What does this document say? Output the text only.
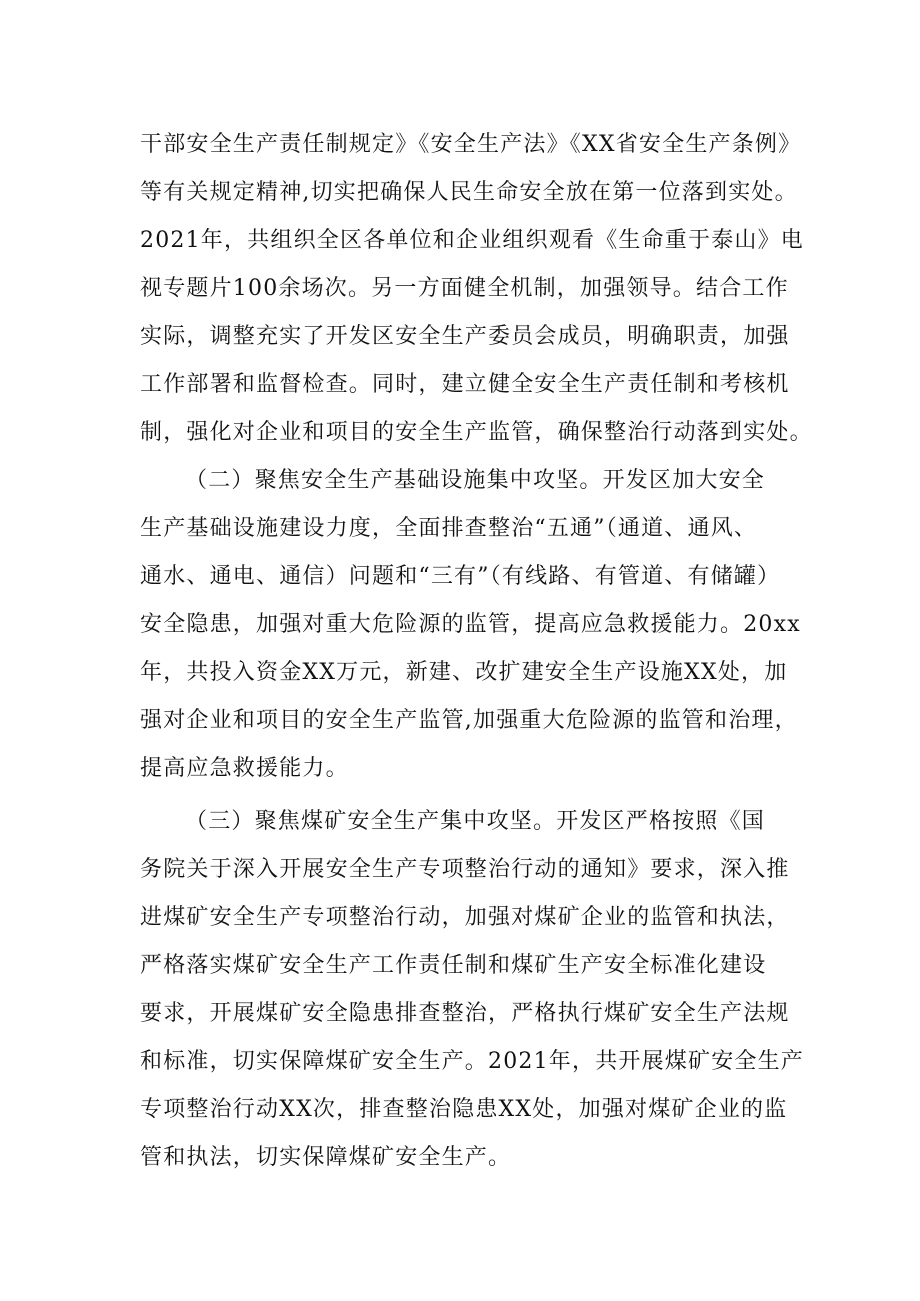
干部安全生产责任制规定》《安全生产法》《XX省安全生产条例》
等有关规定精神,切实把确保人民生命安全放在第一位落到实处。
2021年，共组织全区各单位和企业组织观看《生命重于泰山》电
视专题片100余场次。另一方面健全机制，加强领导。结合工作
实际，调整充实了开发区安全生产委员会成员，明确职责，加强
工作部署和监督检查。同时，建立健全安全生产责任制和考核机
制，强化对企业和项目的安全生产监管，确保整治行动落到实处。
（二）聚焦安全生产基础设施集中攻坚。开发区加大安全
生产基础设施建设力度，全面排查整治“五通”（通道、通风、
通水、通电、通信）问题和“三有”（有线路、有管道、有储罐）
安全隐患，加强对重大危险源的监管，提高应急救援能力。20xx
年，共投入资金XX万元，新建、改扩建安全生产设施XX处，加
强对企业和项目的安全生产监管,加强重大危险源的监管和治理，
提高应急救援能力。
（三）聚焦煤矿安全生产集中攻坚。开发区严格按照《国
务院关于深入开展安全生产专项整治行动的通知》要求，深入推
进煤矿安全生产专项整治行动，加强对煤矿企业的监管和执法，
严格落实煤矿安全生产工作责任制和煤矿生产安全标准化建设
要求，开展煤矿安全隐患排查整治，严格执行煤矿安全生产法规
和标准，切实保障煤矿安全生产。2021年，共开展煤矿安全生产
专项整治行动XX次，排查整治隐患XX处，加强对煤矿企业的监
管和执法，切实保障煤矿安全生产。
